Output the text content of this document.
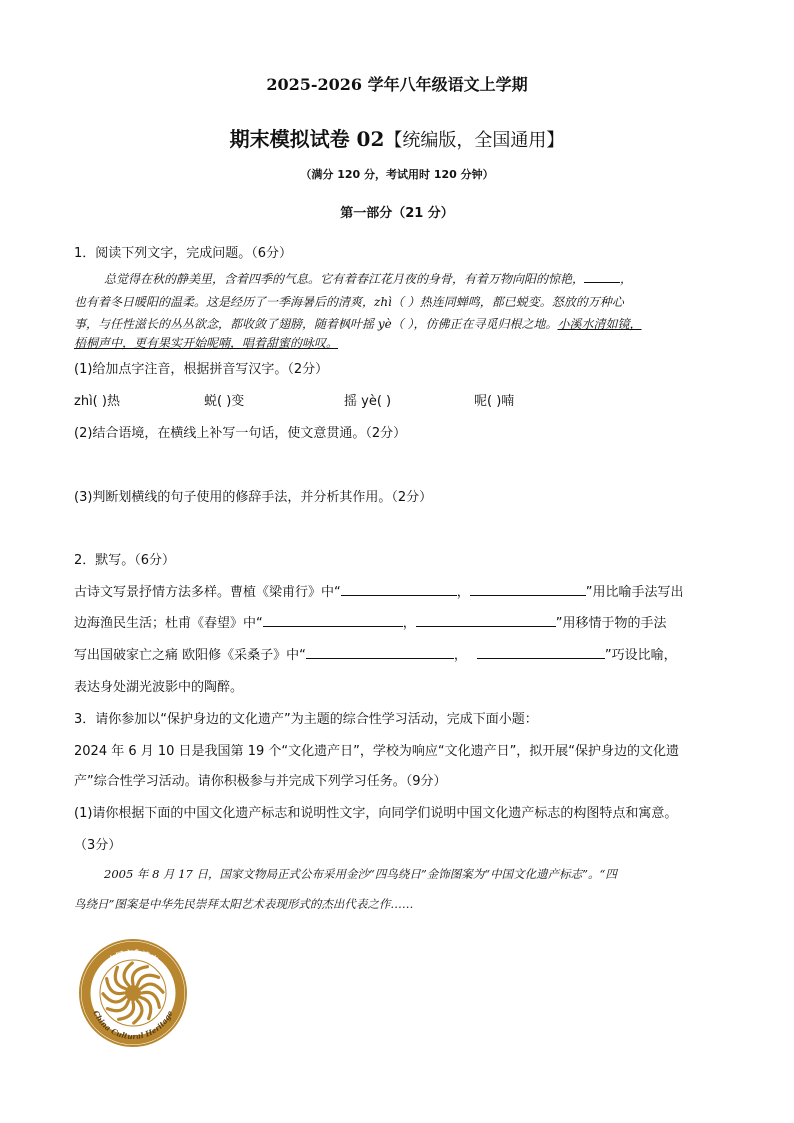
2025-2026 学年八年级语文上学期
期末模拟试卷 02【统编版，全国通用】
（满分 120 分，考试用时 120 分钟）
第一部分（21 分）
1．阅读下列文字，完成问题。（6分）
总觉得在秋的静美里，含着四季的气息。它有着春江花月夜的身骨，有着万物向阳的惊艳，	，
也有着冬日暖阳的温柔。这是经历了一季海暑后的清爽，zhì（ ）热连同蝉鸣，都已蜕变。怒放的万种心
事，与任性滋长的丛丛欲念，都收敛了翅膀，随着枫叶摇 yè（ ），仿佛正在寻觅归根之地。小溪水清如镜，
梧桐声中，更有果实开始呢喃，唱着甜蜜的咏叹。
(1)给加点字注音，根据拼音写汉字。（2分）
zhì( )热	蜕( )变	摇 yè( )	呢( )喃
(2)结合语境，在横线上补写一句话，使文意贯通。（2分）
(3)判断划横线的句子使用的修辞手法，并分析其作用。（2分）
2．默写。（6分）
古诗文写景抒情方法多样。曹植《梁甫行》中“	，	”用比喻手法写出
边海渔民生活；杜甫《春望》中“	，	”用移情于物的手法
写出国破家亡之痛 欧阳修《采桑子》中“	，	”巧设比喻，
表达身处湖光波影中的陶醉。
3．请你参加以“保护身边的文化遗产”为主题的综合性学习活动，完成下面小题：
2024 年 6 月 10 日是我国第 19 个“文化遗产日”，学校为响应“文化遗产日”，拟开展“保护身边的文化遗
产”综合性学习活动。请你积极参与并完成下列学习任务。（9分）
(1)请你根据下面的中国文化遗产标志和说明性文字，向同学们说明中国文化遗产标志的构图特点和寓意。
（3分）
2005 年 8 月 17 日，国家文物局正式公布采用金沙“四鸟绕日”金饰图案为“中国文化遗产标志”。“四
鸟绕日”图案是中华先民崇拜太阳艺术表现形式的杰出代表之作……
中国文化遗产
China Cultural Heritage
